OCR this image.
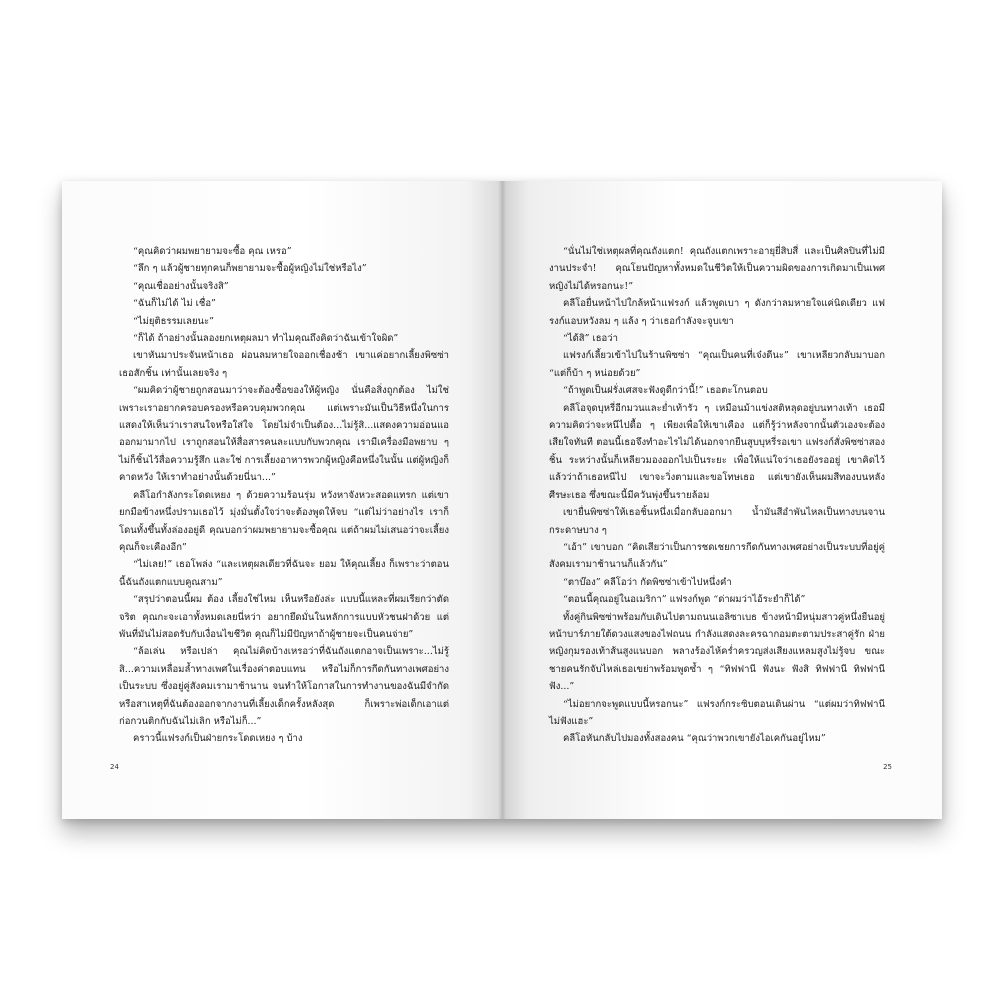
“คุณคิดว่าผมพยายามจะซื้อ คุณ เหรอ”

“ลึก ๆ แล้วผู้ชายทุกคนก็พยายามจะซื้อผู้หญิงไม่ใช่หรือไง”

“คุณเชื่ออย่างนั้นจริงสิ”

“ฉันก็ไม่ได้ ไม่ เชื่อ”

“ไม่ยุติธรรมเลยนะ”

“ก็ได้ ถ้าอย่างนั้นลองยกเหตุผลมา ทำไมคุณถึงคิดว่าฉันเข้าใจผิด”

เขาหันมาประจันหน้าเธอ ผ่อนลมหายใจออกเชื่องช้า เขาแค่อยากเลี้ยงพิซซ่าเธอสักชิ้น เท่านั้นเลยจริง ๆ

“ผมคิดว่าผู้ชายถูกสอนมาว่าจะต้องซื้อของให้ผู้หญิง นั่นคือสิ่งถูกต้อง ไม่ใช่เพราะเราอยากครอบครองหรือควบคุมพวกคุณ แต่เพราะมันเป็นวิธีหนึ่งในการแสดงให้เห็นว่าเราสนใจหรือใส่ใจ โดยไม่จำเป็นต้อง...ไม่รู้สิ...แสดงความอ่อนแอออกมามากไป เราถูกสอนให้สื่อสารคนละแบบกับพวกคุณ เรามีเครื่องมือพยาบ ๆ ไม่ก็ชิ้นไว้สื่อความรู้สึก และใช่ การเลี้ยงอาหารพวกผู้หญิงคือหนึ่งในนั้น แต่ผู้หญิงก็ คาดหวัง ให้เราทำอย่างนั้นด้วยนี่นา...”

คลีโอกำลังกระโดดเหยง ๆ ด้วยความร้อนรุ่ม หวังหาจังหวะสอดแทรก แต่เขายกมือข้างหนึ่งปรามเธอไว้ มุ่งมั่นตั้งใจว่าจะต้องพูดให้จบ “แต่ไม่ว่าอย่างไร เราก็โดนทั้งขึ้นทั้งล่องอยู่ดี คุณบอกว่าผมพยายามจะซื้อคุณ แต่ถ้าผมไม่เสนอว่าจะเลี้ยง คุณก็จะเคืองอีก”

“ไม่เลย!” เธอโพล่ง “และเหตุผลเดียวที่ฉันจะ ยอม ให้คุณเลี้ยง ก็เพราะว่าตอนนี้ฉันถังแตกแบบคูณสาม”

“สรุปว่าตอนนี้ผม ต้อง เลี้ยงใช่ไหม เห็นหรือยังล่ะ แบบนี้แหละที่ผมเรียกว่าตัดจริต คุณกะจะเอาทั้งหมดเลยนี่หว่า อยากยึดมั่นในหลักการแบบหัวชนฝาด้วย แต่พันที่มันไม่สอดรับกับเงื่อนไขชีวิต คุณก็ไม่มีปัญหาถ้าผู้ชายจะเป็นคนจ่าย”

“ล้อเล่น หรือเปล่า คุณไม่คิดบ้างเหรอว่าที่ฉันถังแตกอาจเป็นเพราะ...ไม่รู้สิ...ความเหลื่อมล้ำทางเพศในเรื่องค่าตอบแทน หรือไม่ก็การกีดกันทางเพศอย่างเป็นระบบ ซึ่งอยู่คู่สังคมเรามาช้านาน จนทำให้โอกาสในการทำงานของฉันมีจำกัด หรือสาเหตุที่ฉันต้องออกจากงานที่เลี้ยงเด็กครั้งหลังสุด ก็เพราะพ่อเด็กเอาแต่ก่อกวนติกกับฉันไม่เลิก หรือไม่ก็...”

คราวนี้แฟรงก์เป็นฝ่ายกระโดดเหยง ๆ บ้าง

24

“นั่นไม่ใช่เหตุผลที่คุณถังแตก! คุณถังแตกเพราะอายุยี่สิบสี่ และเป็นศิลปินที่ไม่มีงานประจำ! คุณโยนปัญหาทั้งหมดในชีวิตให้เป็นความผิดของการเกิดมาเป็นเพศหญิงไม่ได้หรอกนะ!”

คลีโอยื่นหน้าไปใกล้หน้าแฟรงก์ แล้วพูดเบา ๆ ดังกว่าลมหายใจแค่นิดเดียว แฟรงก์แอบหวังลม ๆ แล้ง ๆ ว่าเธอกำลังจะจูบเขา

“ได้สิ” เธอว่า

แฟรงก์เลี้ยวเข้าไปในร้านพิซซ่า “คุณเป็นคนที่เจ๋งดีนะ” เขาเหลียวกลับมาบอก “แต่ก็บ้า ๆ หน่อยด้วย”

“ถ้าพูดเป็นฝรั่งเศสจะฟังดูดีกว่านี้!” เธอตะโกนตอบ

คลีโอจุดบุหรี่อีกมวนและย่ำเท้ารัว ๆ เหมือนม้าแข่งสติหลุดอยู่บนทางเท้า เธอมีความคิดว่าจะหนีไปดื้อ ๆ เพียงเพื่อให้เขาเคือง แต่ก็รู้ว่าหลังจากนั้นตัวเองจะต้องเสียใจทันที ตอนนี้เธอจึงทำอะไรไม่ได้นอกจากยืนสูบบุหรี่รอเขา แฟรงก์สั่งพิซซ่าสองชิ้น ระหว่างนั้นก็เหลียวมองออกไปเป็นระยะ เพื่อให้แน่ใจว่าเธอยังรออยู่ เขาคิดไว้แล้วว่าถ้าเธอหนีไป เขาจะวิ่งตามและขอโทษเธอ แต่เขายังเห็นผมสีทองบนหลังศีรษะเธอ ซึ่งขณะนี้มีควันพุ่งขึ้นรายล้อม

เขายื่นพิซซ่าให้เธอชิ้นหนึ่งเมื่อกลับออกมา น้ำมันสีอำพันไหลเป็นทางบนจานกระดาษบาง ๆ

“เอ้า” เขาบอก “คิดเสียว่าเป็นการชดเชยการกีดกันทางเพศอย่างเป็นระบบที่อยู่คู่สังคมเรามาช้านานก็แล้วกัน”

“ตาบ๊อง” คลีโอว่า กัดพิซซ่าเข้าไปหนึ่งคำ

“ตอนนี้คุณอยู่ในอเมริกา” แฟรงก์พูด “ด่าผมว่าไอ้ระยำก็ได้”

ทั้งคู่กินพิซซ่าพร้อมกับเดินไปตามถนนเอลิซาเบธ ข้างหน้ามีหนุ่มสาวคู่หนึ่งยืนอยู่หน้าบาร์ภายใต้ดวงแสงของไฟถนน กำลังแสดงละครฉากอมตะตามประสาคู่รัก ฝ่ายหญิงกุมรองเท้าส้นสูงแนบอก พลางร้องไห้คร่ำครวญส่งเสียงแหลมสูงไม่รู้จบ ขณะชายคนรักจับไหล่เธอเขย่าพร้อมพูดซ้ำ ๆ “ทิฟฟานี ฟังนะ ฟังสิ ทิฟฟานี ทิฟฟานี ฟัง...”

“ไม่อยากจะพูดแบบนี้หรอกนะ” แฟรงก์กระซิบตอนเดินผ่าน “แต่ผมว่าทิฟฟานีไม่ฟังแฮะ”

คลีโอหันกลับไปมองทั้งสองคน “คุณว่าพวกเขายังไอเคกันอยู่ไหม”

25
